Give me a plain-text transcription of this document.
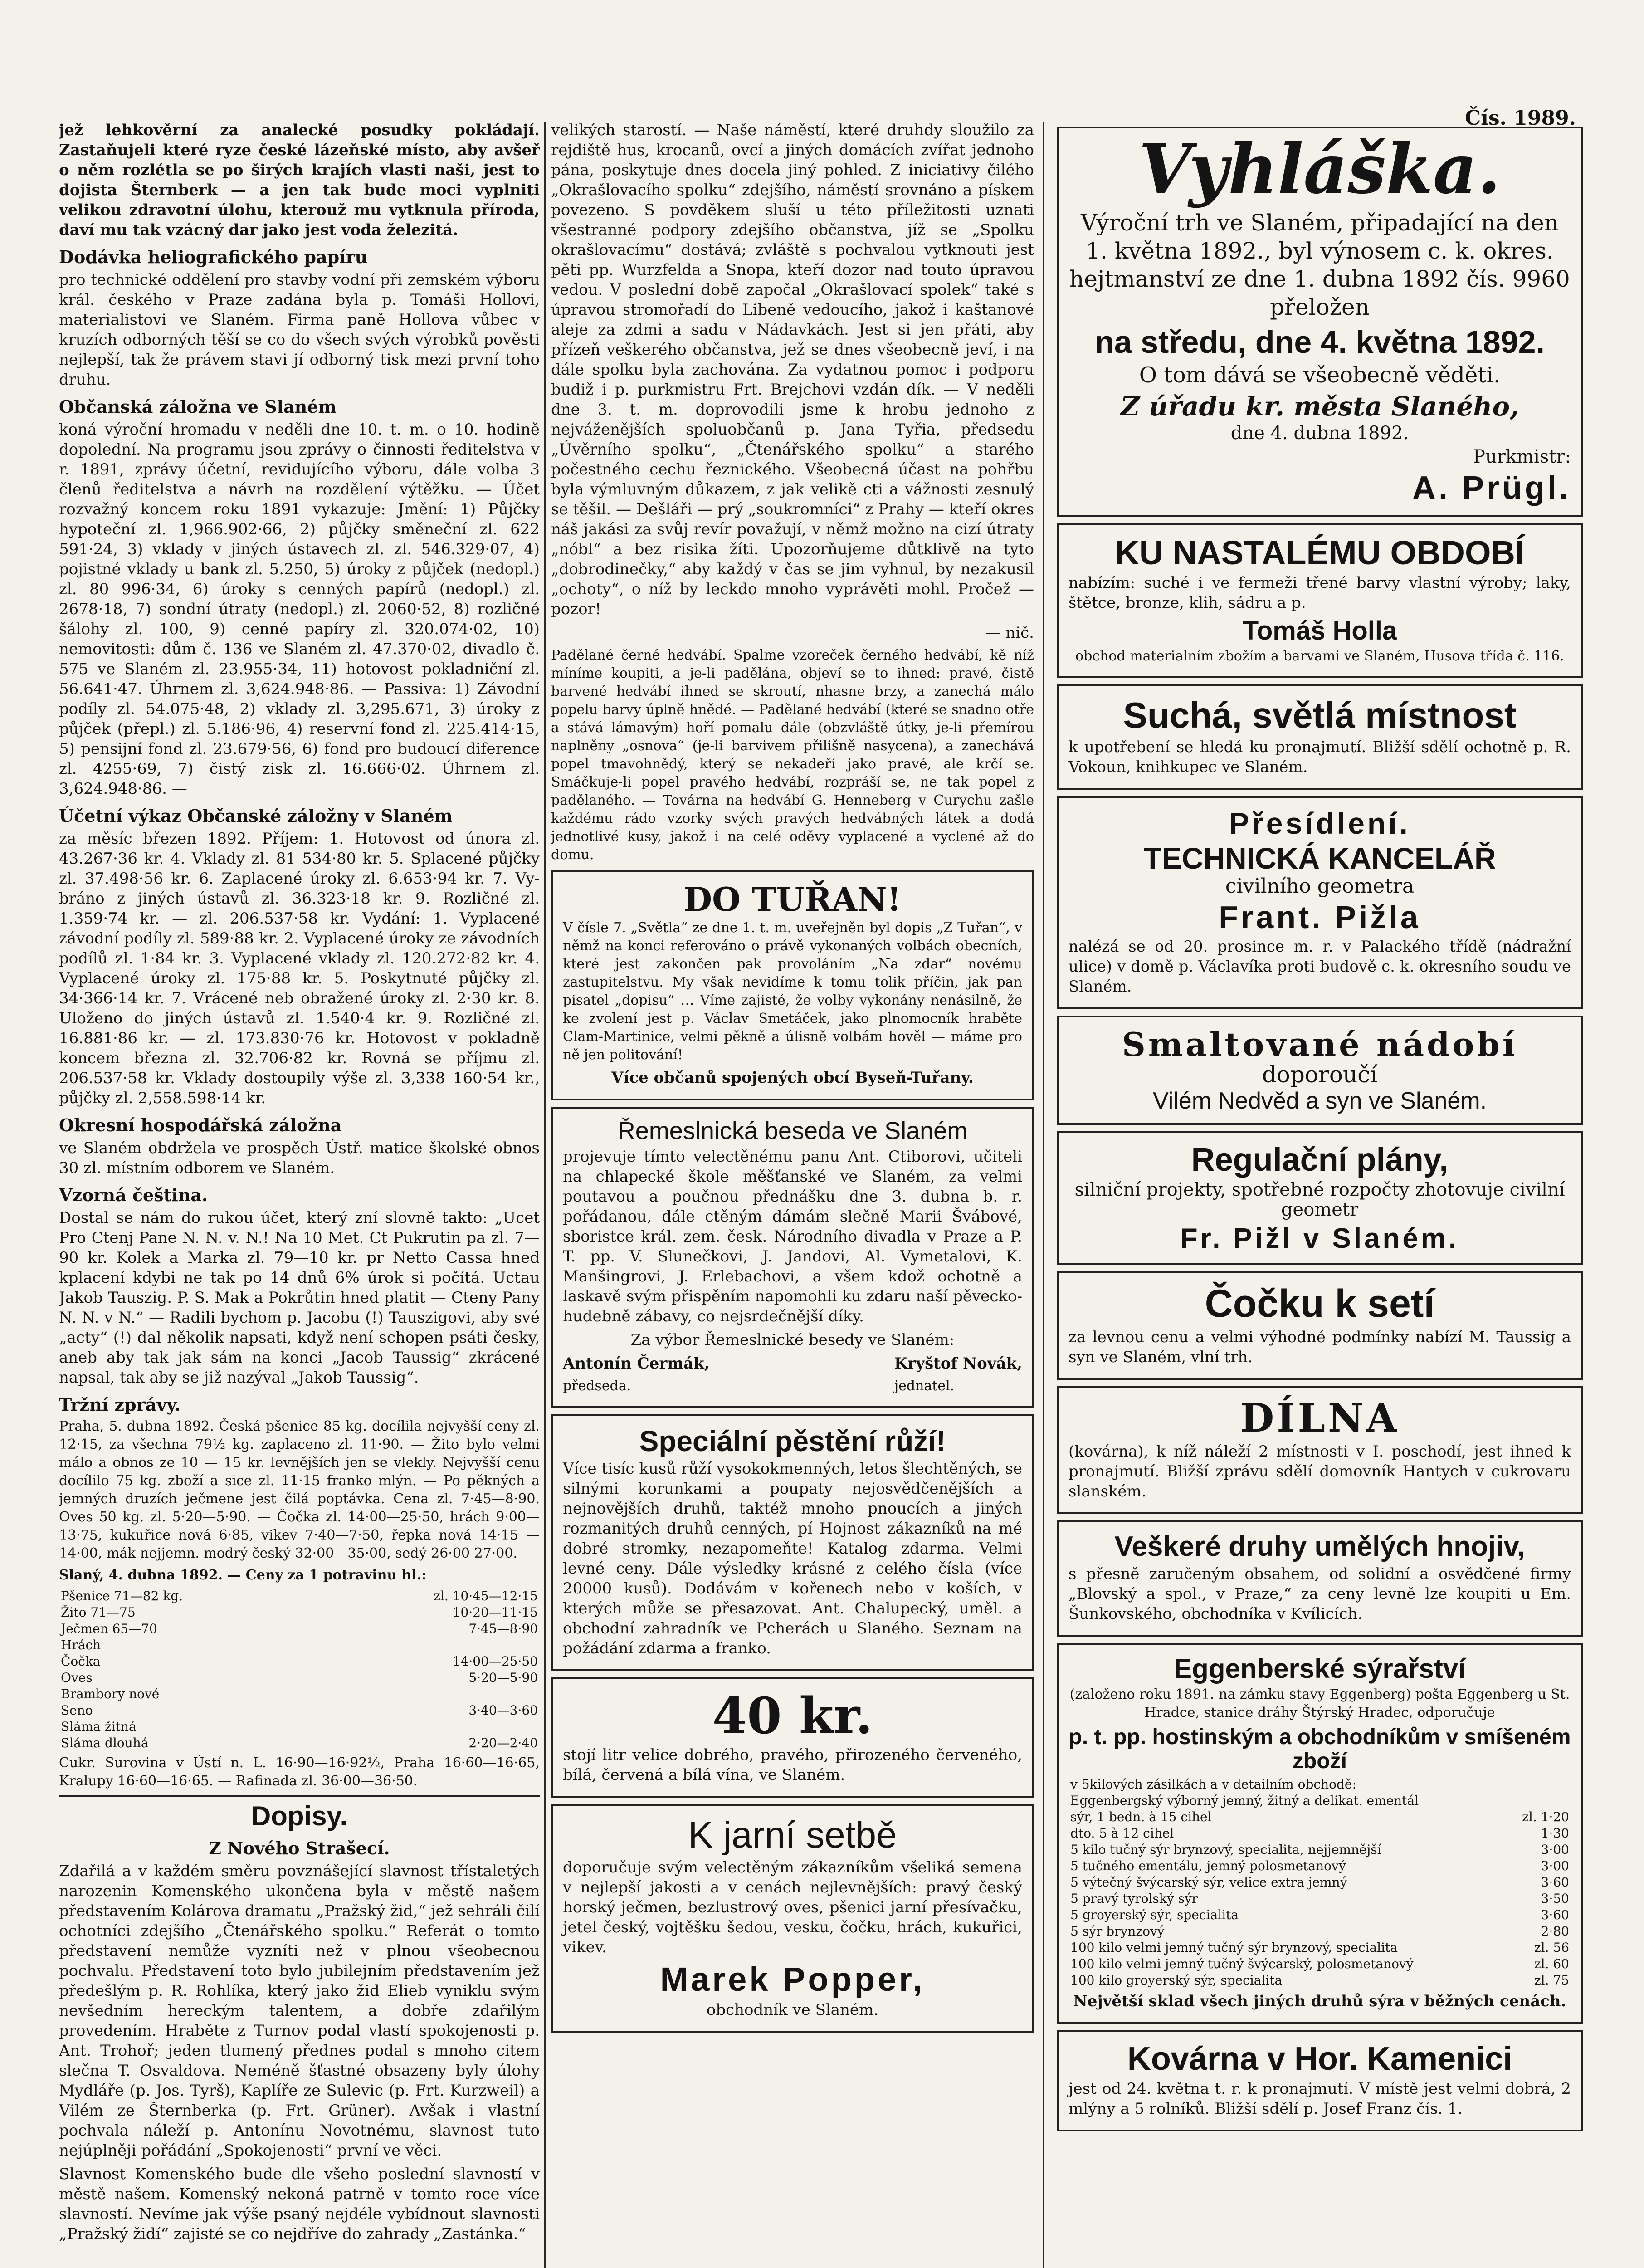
Čís. 1989.

jež lehkověrní za analecké posudky pokládají. Zastaňujeli které ryze české lázeňské místo, aby avšeř o něm rozlétla se po širých krajích vlasti naši, jest to dojista Šternberk — a jen tak bude moci vyplniti velikou zdravotní úlohu, kterouž mu vytknula příroda, daví mu tak vzácný dar jako jest voda železitá.

Dodávka heliografického papíru

pro technické oddělení pro stavby vodní při zemském výboru král. českého v Praze zadána byla p. Tomáši Hollovi, materialistovi ve Slaném. Firma paně Hollova vůbec v kruzích odborných těší se co do všech svých výrobků pověsti nejlepší, tak že právem stavi jí odborný tisk mezi první toho druhu.

Občanská záložna ve Slaném

koná výroční hromadu v neděli dne 10. t. m. o 10. hodině dopolední. Na programu jsou zprávy o činnosti ředitelstva v r. 1891, zprávy účetní, revidujícího výboru, dále volba 3 členů ředitelstva a návrh na rozdělení výtěžku. — Účet rozvažný koncem roku 1891 vykazuje: Jmění: 1) Půjčky hypoteční zl. 1,966.902·66, 2) půjčky směneční zl. 622 591·24, 3) vklady v jiných ústavech zl. zl. 546.329·07, 4) pojistné vklady u bank zl. 5.250, 5) úroky z půjček (nedopl.) zl. 80 996·34, 6) úroky s cenných papírů (nedopl.) zl. 2678·18, 7) sondní útraty (nedopl.) zl. 2060·52, 8) rozličné šálohy zl. 100, 9) cenné papíry zl. 320.074·02, 10) nemovitosti: dům č. 136 ve Slaném zl. 47.370·02, divadlo č. 575 ve Slaném zl. 23.955·34, 11) hotovost pokladniční zl. 56.641·47. Úhrnem zl. 3,624.948·86. — Passiva: 1) Závodní podíly zl. 54.075·48, 2) vklady zl. 3,295.671, 3) úroky z půjček (přepl.) zl. 5.186·96, 4) reservní fond zl. 225.414·15, 5) pensijní fond zl. 23.679·56, 6) fond pro budoucí diference zl. 4255·69, 7) čistý zisk zl. 16.666·02. Úhrnem zl. 3,624.948·86. —

Účetní výkaz Občanské záložny v Slaném

za měsíc březen 1892. Příjem: 1. Hotovost od února zl. 43.267·36 kr. 4. Vklady zl. 81 534·80 kr. 5. Splacené půjčky zl. 37.498·56 kr. 6. Zaplacené úroky zl. 6.653·94 kr. 7. Vybráno z jiných ústavů zl. 36.323·18 kr. 9. Rozličné zl. 1.359·74 kr. — zl. 206.537·58 kr. Vydání: 1. Vyplacené závodní podíly zl. 589·88 kr. 2. Vyplacené úroky ze závodních podílů zl. 1·84 kr. 3. Vyplacené vklady zl. 120.272·82 kr. 4. Vyplacené úroky zl. 175·88 kr. 5. Poskytnuté půjčky zl. 34·366·14 kr. 7. Vrácené neb obražené úroky zl. 2·30 kr. 8. Uloženo do jiných ústavů zl. 1.540·4 kr. 9. Rozličné zl. 16.881·86 kr. — zl. 173.830·76 kr. Hotovost v pokladně koncem března zl. 32.706·82 kr. Rovná se příjmu zl. 206.537·58 kr. Vklady dostoupily výše zl. 3,338 160·54 kr., půjčky zl. 2,558.598·14 kr.

Okresní hospodářská záložna

ve Slaném obdržela ve prospěch Ústř. matice školské obnos 30 zl. místním odborem ve Slaném.

Vzorná čeština.

Dostal se nám do rukou účet, který zní slovně takto: „Ucet Pro Ctenj Pane N. N. v. N.! Na 10 Met. Ct Pukrutin pa zl. 7—90 kr. Kolek a Marka zl. 79—10 kr. pr Netto Cassa hned kplacení kdybi ne tak po 14 dnů 6% úrok si počítá. Uctau Jakob Tauszig. P. S. Mak a Pokrůtin hned platit — Cteny Pany N. N. v N.“ — Radili bychom p. Jacobu (!) Tauszigovi, aby své „acty“ (!) dal několik napsati, když není schopen psáti česky, aneb aby tak jak sám na konci „Jacob Taussig“ zkrácené napsal, tak aby se již nazýval „Jakob Taussig“.

Tržní zprávy.

Praha, 5. dubna 1892. Česká pšenice 85 kg. docílila nejvyšší ceny zl. 12·15, za všechna 79½ kg. zaplaceno zl. 11·90. — Žito bylo velmi málo a obnos ze 10 — 15 kr. levnějších jen se vlekly. Nejvyšší cenu docílilo 75 kg. zboží a sice zl. 11·15 franko mlýn. — Po pěkných a jemných druzích ječmene jest čilá poptávka. Cena zl. 7·45—8·90. Oves 50 kg. zl. 5·20—5·90. — Čočka zl. 14·00—25·50, hrách 9·00—13·75, kukuřice nová 6·85, vikev 7·40—7·50, řepka nová 14·15 — 14·00, mák nejjemn. modrý český 32·00—35·00, sedý 26·00 27·00.

Slaný, 4. dubna 1892. — Ceny za 1 potravinu hl.:
Pšenice 71—82 kg.	zl. 10·45—12·15
Žito 71—75	10·20—11·15
Ječmen 65—70	7·45—8·90
Hrách	
Čočka	14·00—25·50
Oves	5·20—5·90
Brambory nové	
Seno	3·40—3·60
Sláma žitná	
Sláma dlouhá	2·20—2·40

Cukr. Surovina v Ústí n. L. 16·90—16·92½, Praha 16·60—16·65, Kralupy 16·60—16·65. — Rafinada zl. 36·00—36·50.

Dopisy.
Z Nového Strašecí.

Zdařilá a v každém směru povznášející slavnost třístaletých narozenin Komenského ukončena byla v městě našem představením Kolárova dramatu „Pražský žid,“ jež sehráli čilí ochotníci zdejšího „Čtenářského spolku.“ Referát o tomto představení nemůže vyzníti než v plnou všeobecnou pochvalu. Představení toto bylo jubilejním představením jež předešlým p. R. Rohlíka, který jako žid Elieb vyniklu svým nevšedním hereckým talentem, a dobře zdařilým provedením. Hraběte z Turnov podal vlastí spokojenosti p. Ant. Trohoř; jeden tlumený přednes podal s mnoho citem slečna T. Osvaldova. Neméně šťastné obsazeny byly úlohy Mydláře (p. Jos. Tyrš), Kaplíře ze Sulevic (p. Frt. Kurzweil) a Vilém ze Šternberka (p. Frt. Grüner). Avšak i vlastní pochvala náleží p. Antonínu Novotnému, slavnost tuto nejúplněji pořádání „Spokojenosti“ první ve věci.

Slavnost Komenského bude dle všeho poslední slavností v městě našem. Komenský nekoná patrně v tomto roce více slavností. Nevíme jak výše psaný nejdéle vybídnout slavnosti „Pražský židí“ zajisté se co nejdříve do zahrady „Zastánka.“

velikých starostí. — Naše náměstí, které druhdy sloužilo za rejdiště hus, krocanů, ovcí a jiných domácích zvířat jednoho pána, poskytuje dnes docela jiný pohled. Z iniciativy čilého „Okrašlovacího spolku“ zdejšího, náměstí srovnáno a pískem povezeno. S povděkem sluší u této příležitosti uznati všestranné podpory zdejšího občanstva, jíž se „Spolku okrašlovacímu“ dostává; zvláště s pochvalou vytknouti jest pěti pp. Wurzfelda a Snopa, kteří dozor nad touto úpravou vedou. V poslední době započal „Okrašlovací spolek“ také s úpravou stromořadí do Libeně vedoucího, jakož i kaštanové aleje za zdmi a sadu v Nádavkách. Jest si jen přáti, aby přízeň veškerého občanstva, jež se dnes všeobecně jeví, i na dále spolku byla zachována. Za vydatnou pomoc i podporu budiž i p. purkmistru Frt. Brejchovi vzdán dík. — V neděli dne 3. t. m. doprovodili jsme k hrobu jednoho z nejváženějších spoluobčanů p. Jana Tyřia, předsedu „Úvěrního spolku“, „Čtenářského spolku“ a starého počestného cechu řeznického. Všeobecná účast na pohřbu byla výmluvným důkazem, z jak velikě cti a vážnosti zesnulý se těšil. — Dešláři — prý „soukromníci“ z Prahy — kteří okres náš jakási za svůj revír považují, v němž možno na cizí útraty „nóbl“ a bez risika žíti. Upozorňujeme důtklivě na tyto „dobrodinečky,“ aby každý v čas se jim vyhnul, by nezakusil „ochoty“, o níž by leckdo mnoho vyprávěti mohl. Pročež — pozor!

— nič.

Padělané černé hedvábí. Spalme vzoreček černého hedvábí, kě níž míníme koupiti, a je-li padělána, objeví se to ihned: pravé, čistě barvené hedvábí ihned se skroutí, nhasne brzy, a zanechá málo popelu barvy úplně hnědé. — Padělané hedvábí (které se snadno otře a stává lámavým) hoří pomalu dále (obzvláště útky, je-li přemírou naplněny „osnova“ (je-li barvivem přilišně nasycena), a zanechává popel tmavohnědý, který se nekadeří jako pravé, ale krčí se. Smáčkuje-li popel pravého hedvábí, rozpráší se, ne tak popel z padělaného. — Továrna na hedvábí G. Henneberg v Curychu zašle každému rádo vzorky svých pravých hedvábných látek a dodá jednotlivé kusy, jakož i na celé oděvy vyplacené a vyclené až do domu.

DO TUŘAN!

V čísle 7. „Světla“ ze dne 1. t. m. uveřejněn byl dopis „Z Tuřan“, v němž na konci referováno o právě vykonaných volbách obecních, které jest zakončen pak provoláním „Na zdar“ novému zastupitelstvu. My však nevidíme k tomu tolik příčin, jak pan pisatel „dopisu“ … Víme zajisté, že volby vykonány nenásilně, že ke zvolení jest p. Václav Smetáček, jako plnomocník hraběte Clam-Martinice, velmi pěkně a úlisně volbám hověl — máme pro ně jen politování!

Více občanů spojených obcí Byseň-Tuřany.
Řemeslnická beseda ve Slaném

projevuje tímto velectěnému panu Ant. Ctiborovi, učiteli na chlapecké škole měšťanské ve Slaném, za velmi poutavou a poučnou přednášku dne 3. dubna b. r. pořádanou, dále ctěným dámám slečně Marii Švábové, sboristce král. zem. česk. Národního divadla v Praze a P. T. pp. V. Slunečkovi, J. Jandovi, Al. Vymetalovi, K. Manšingrovi, J. Erlebachovi, a všem kdož ochotně a laskavě svým přispěním napomohli ku zdaru naší pěvecko-hudebně zábavy, co nejsrdečnější díky.

Za výbor Řemeslnické besedy ve Slaném:
Antonín Čermák,
předseda.
Kryštof Novák,
jednatel.
Speciální pěstění růží!

Více tisíc kusů růží vysokokmenných, letos šlechtěných, se silnými korunkami a poupaty nejosvědčenějších a nejnovějších druhů, taktéž mnoho pnoucích a jiných rozmanitých druhů cenných, pí Hojnost zákazníků na mé dobré stromky, nezapomeňte! Katalog zdarma. Velmi levné ceny. Dále výsledky krásné z celého čísla (více 20000 kusů). Dodávám v kořenech nebo v koších, v kterých může se přesazovat. Ant. Chalupecký, uměl. a obchodní zahradník ve Pcherách u Slaného. Seznam na požádání zdarma a franko.

40 kr.

stojí litr velice dobrého, pravého, přirozeného červeného, bílá, červená a bílá vína, ve Slaném.

K jarní setbě

doporučuje svým velectěným zákazníkům všeliká semena v nejlepší jakosti a v cenách nejlevnějších: pravý český horský ječmen, bezlustrový oves, pšenici jarní přesívačku, jetel český, vojtěšku šedou, vesku, čočku, hrách, kukuřici, vikev.

Marek Popper,
obchodník ve Slaném.
Vyhláška.

Výroční trh ve Slaném, připadající na den 1. května 1892., byl výnosem c. k. okres. hejtmanství ze dne 1. dubna 1892 čís. 9960 přeložen

na středu, dne 4. května 1892.
O tom dává se všeobecně věděti.
Z úřadu kr. města Slaného,
dne 4. dubna 1892.
Purkmistr:
A. Prügl.
KU NASTALÉMU OBDOBÍ

nabízím: suché i ve fermeži třené barvy vlastní výroby; laky, štětce, bronze, klih, sádru a p.

Tomáš Holla
obchod materialním zbožím a barvami ve Slaném, Husova třída č. 116.
Suchá, světlá místnost

k upotřebení se hledá ku pronajmutí. Bližší sdělí ochotně p. R. Vokoun, knihkupec ve Slaném.

Přesídlení.
TECHNICKÁ KANCELÁŘ
civilního geometra
Frant. Pižla

nalézá se od 20. prosince m. r. v Palackého třídě (nádražní ulice) v domě p. Václavíka proti budově c. k. okresního soudu ve Slaném.

Smaltované nádobí
doporoučí
Vilém Nedvěd a syn ve Slaném.
Regulační plány,
silniční projekty, spotřebné rozpočty zhotovuje civilní geometr
Fr. Pižl v Slaném.
Čočku k setí

za levnou cenu a velmi výhodné podmínky nabízí M. Taussig a syn ve Slaném, vlní trh.

DÍLNA

(kovárna), k níž náleží 2 místnosti v I. poschodí, jest ihned k pronajmutí. Bližší zprávu sdělí domovník Hantych v cukrovaru slanském.

Veškeré druhy umělých hnojiv,

s přesně zaručeným obsahem, od solidní a osvědčené firmy „Blovský a spol., v Praze,“ za ceny levně lze koupiti u Em. Šunkovského, obchodníka v Kvílicích.

Eggenberské sýrařství
(založeno roku 1891. na zámku stavy Eggenberg) pošta Eggenberg u St. Hradce, stanice dráhy Štýrský Hradec, odporučuje
p. t. pp. hostinským a obchodníkům v smíšeném zboží
v 5kilových zásilkách a v detailním obchodě:	
Eggenbergský výborný jemný, žitný a delikat. ementál	
sýr, 1 bedn. à 15 cihel	zl. 1·20
dto. 5 à 12 cihel	1·30
5 kilo tučný sýr brynzový, specialita, nejjemnější	3·00
5 tučného ementálu, jemný polosmetanový	3·00
5 výtečný švýcarský sýr, velice extra jemný	3·60
5 pravý tyrolský sýr	3·50
5 groyerský sýr, specialita	3·60
5 sýr brynzový	2·80
100 kilo velmi jemný tučný sýr brynzový, specialita	zl. 56
100 kilo velmi jemný tučný švýcarský, polosmetanový	zl. 60
100 kilo groyerský sýr, specialita	zl. 75
Největší sklad všech jiných druhů sýra v běžných cenách.
Kovárna v Hor. Kamenici

jest od 24. května t. r. k pronajmutí. V místě jest velmi dobrá, 2 mlýny a 5 rolníků. Bližší sdělí p. Josef Franz čís. 1.
